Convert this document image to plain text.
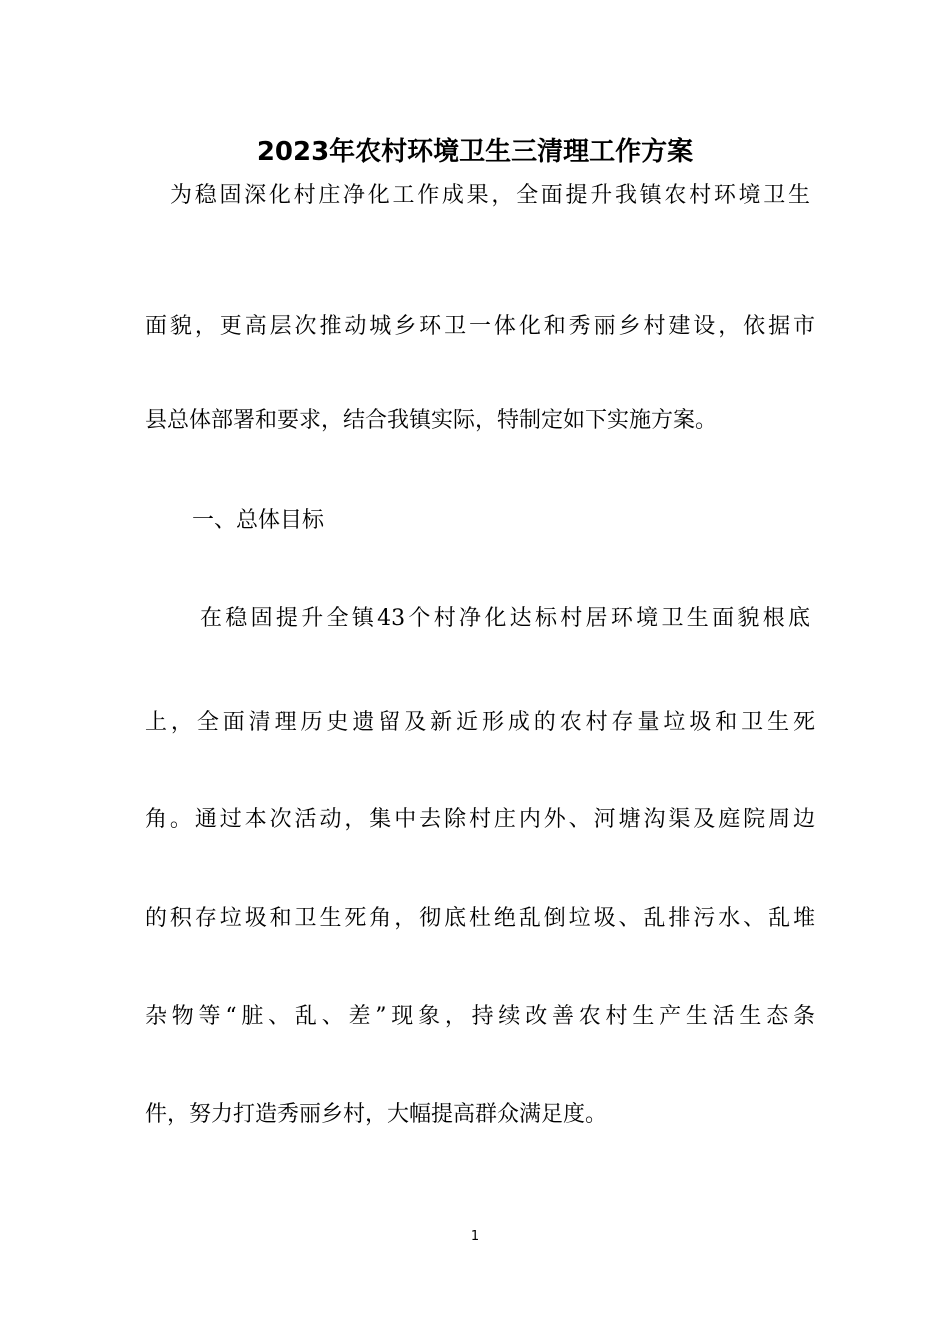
2023年农村环境卫生三清理工作方案

为稳固深化村庄净化工作成果，全面提升我镇农村环境卫生

面貌，更高层次推动城乡环卫一体化和秀丽乡村建设，依据市

县总体部署和要求，结合我镇实际，特制定如下实施方案。

一、总体目标

在稳固提升全镇43个村净化达标村居环境卫生面貌根底

上，全面清理历史遗留及新近形成的农村存量垃圾和卫生死

角。通过本次活动，集中去除村庄内外、河塘沟渠及庭院周边

的积存垃圾和卫生死角，彻底杜绝乱倒垃圾、乱排污水、乱堆

杂物等“脏、乱、差”现象，持续改善农村生产生活生态条

件，努力打造秀丽乡村，大幅提高群众满足度。

1
